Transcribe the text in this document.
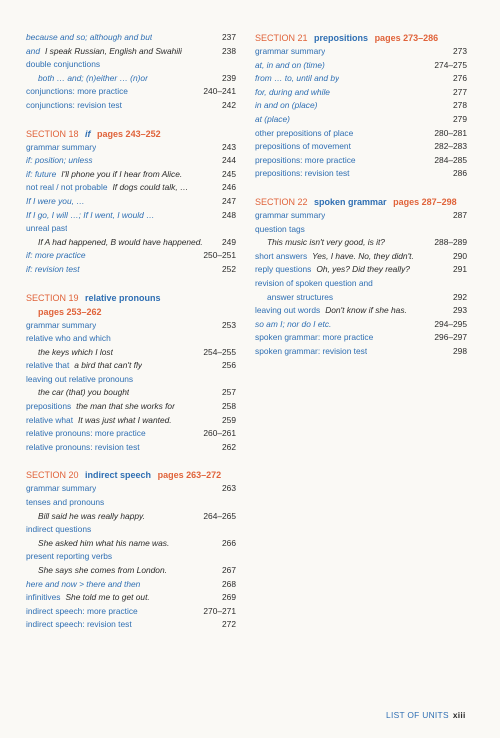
because and so; although and but	237
and I speak Russian, English and Swahili	238
double conjunctions
both … and; (n)either … (n)or	239
conjunctions: more practice	240–241
conjunctions: revision test	242
SECTION 18 if pages 243–252
grammar summary	243
if: position; unless	244
if: future I'll phone you if I hear from Alice.	245
not real / not probable If dogs could talk, …	246
If I were you, …	247
If I go, I will …; If I went, I would …	248
unreal past
If A had happened, B would have happened.	249
if: more practice	250–251
if: revision test	252
SECTION 19 relative pronouns
pages 253–262
grammar summary	253
relative who and which
the keys which I lost	254–255
relative that a bird that can't fly	256
leaving out relative pronouns
the car (that) you bought	257
prepositions the man that she works for	258
relative what It was just what I wanted.	259
relative pronouns: more practice	260–261
relative pronouns: revision test	262
SECTION 20 indirect speech pages 263–272
grammar summary	263
tenses and pronouns
Bill said he was really happy.	264–265
indirect questions
She asked him what his name was.	266
present reporting verbs
She says she comes from London.	267
here and now > there and then	268
infinitives She told me to get out.	269
indirect speech: more practice	270–271
indirect speech: revision test	272
SECTION 21 prepositions pages 273–286
grammar summary	273
at, in and on (time)	274–275
from … to, until and by	276
for, during and while	277
in and on (place)	278
at (place)	279
other prepositions of place	280–281
prepositions of movement	282–283
prepositions: more practice	284–285
prepositions: revision test	286
SECTION 22 spoken grammar pages 287–298
grammar summary	287
question tags
This music isn't very good, is it?	288–289
short answers Yes, I have. No, they didn't.	290
reply questions Oh, yes? Did they really?	291
revision of spoken question and
answer structures	292
leaving out words Don't know if she has.	293
so am I; nor do I etc.	294–295
spoken grammar: more practice	296–297
spoken grammar: revision test	298
LIST OF UNITS xiii
